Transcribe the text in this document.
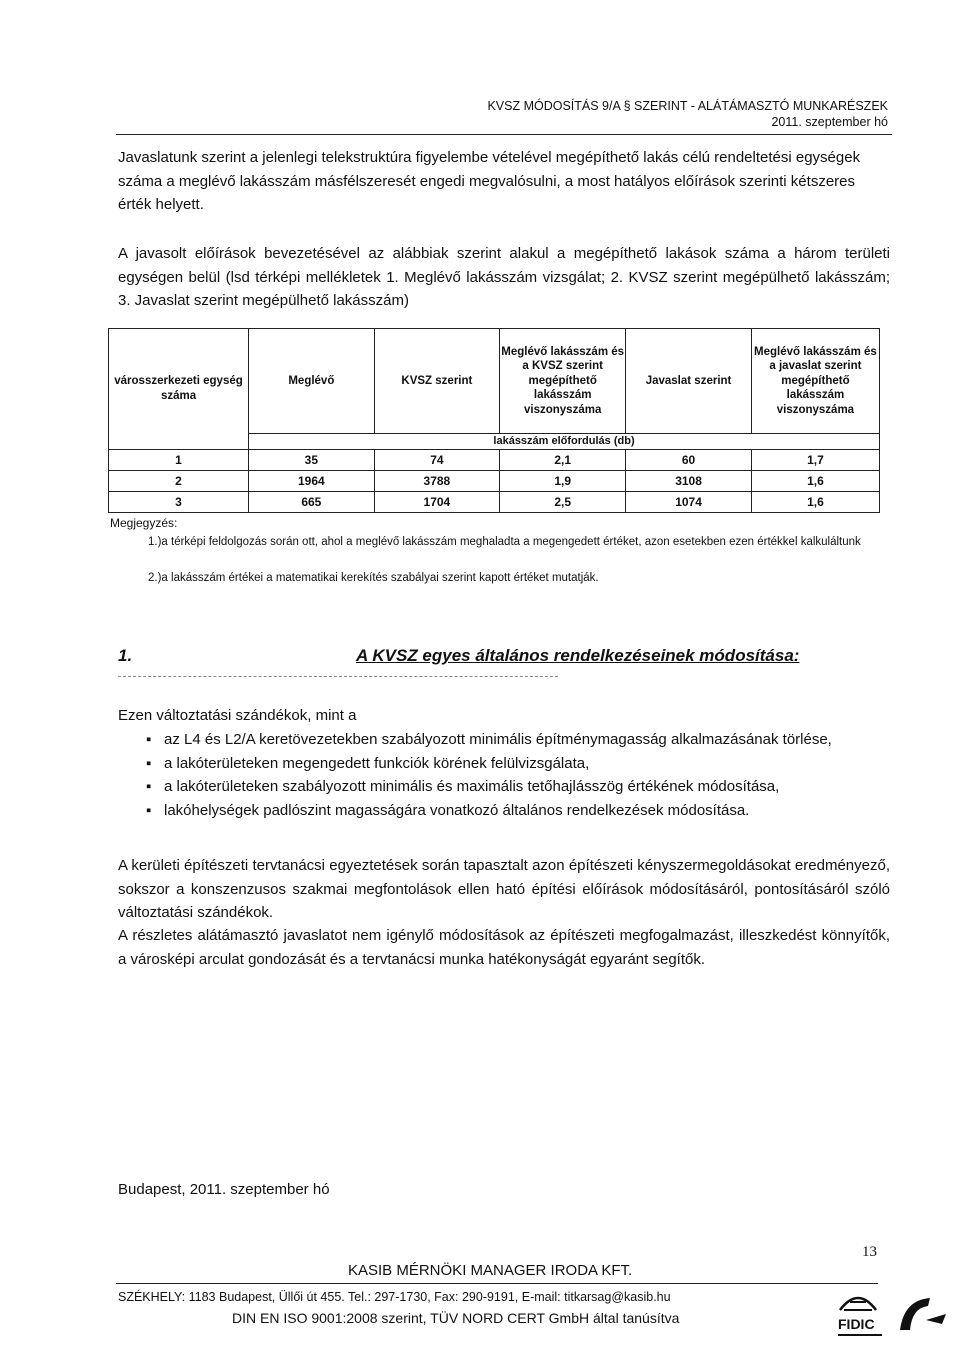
KVSZ MÓDOSÍTÁS 9/A § SZERINT - ALÁTÁMASZTÓ MUNKARÉSZEK
2011. szeptember hó
Javaslatunk szerint a jelenlegi telekstruktúra figyelembe vételével megépíthető lakás célú rendeltetési egységek száma a meglévő lakásszám másfélszeresét engedi megvalósulni, a most hatályos előírások szerinti kétszeres érték helyett.
A javasolt előírások bevezetésével az alábbiak szerint alakul a megépíthető lakások száma a három területi egységen belül (lsd térképi mellékletek 1. Meglévő lakásszám vizsgálat; 2. KVSZ szerint megépülhető lakásszám; 3. Javaslat szerint megépülhető lakásszám)
városszerkezeti egység száma	Meglévő	KVSZ szerint	Meglévő lakásszám és a KVSZ szerint megépíthető lakásszám viszonyszáma	Javaslat szerint	Meglévő lakásszám és a javaslat szerint megépíthető lakásszám viszonyszáma
	lakásszám előfordulás (db)				
1	35	74	2,1	60	1,7
2	1964	3788	1,9	3108	1,6
3	665	1704	2,5	1074	1,6
Megjegyzés:
1.)a térképi feldolgozás során ott, ahol a meglévő lakásszám meghaladta a megengedett értéket, azon esetekben ezen értékkel kalkuláltunk
2.)a lakásszám értékei a matematikai kerekítés szabályai szerint kapott értéket mutatják.
1.	A KVSZ egyes általános rendelkezéseinek módosítása:
Ezen változtatási szándékok, mint a
▪ az L4 és L2/A keretövezetekben szabályozott minimális építménymagasság alkalmazásának törlése,
▪ a lakóterületeken megengedett funkciók körének felülvizsgálata,
▪ a lakóterületeken szabályozott minimális és maximális tetőhajlásszög értékének módosítása,
▪ lakóhelységek padlószint magasságára vonatkozó általános rendelkezések módosítása.
A kerületi építészeti tervtanácsi egyeztetések során tapasztalt azon építészeti kényszermegoldásokat eredményező, sokszor a konszenzusos szakmai megfontolások ellen ható építési előírások módosításáról, pontosításáról szóló változtatási szándékok.
A részletes alátámasztó javaslatot nem igénylő módosítások az építészeti megfogalmazást, illeszkedést könnyítők, a városképi arculat gondozását és a tervtanácsi munka hatékonyságát egyaránt segítők.
Budapest, 2011. szeptember hó
13
KASIB MÉRNÖKI MANAGER IRODA KFT.
SZÉKHELY: 1183 Budapest, Üllői út 455. Tel.: 297-1730, Fax: 290-9191, E-mail: titkarsag@kasib.hu
DIN EN ISO 9001:2008 szerint, TÜV NORD CERT GmbH által tanúsítva	FIDIC
